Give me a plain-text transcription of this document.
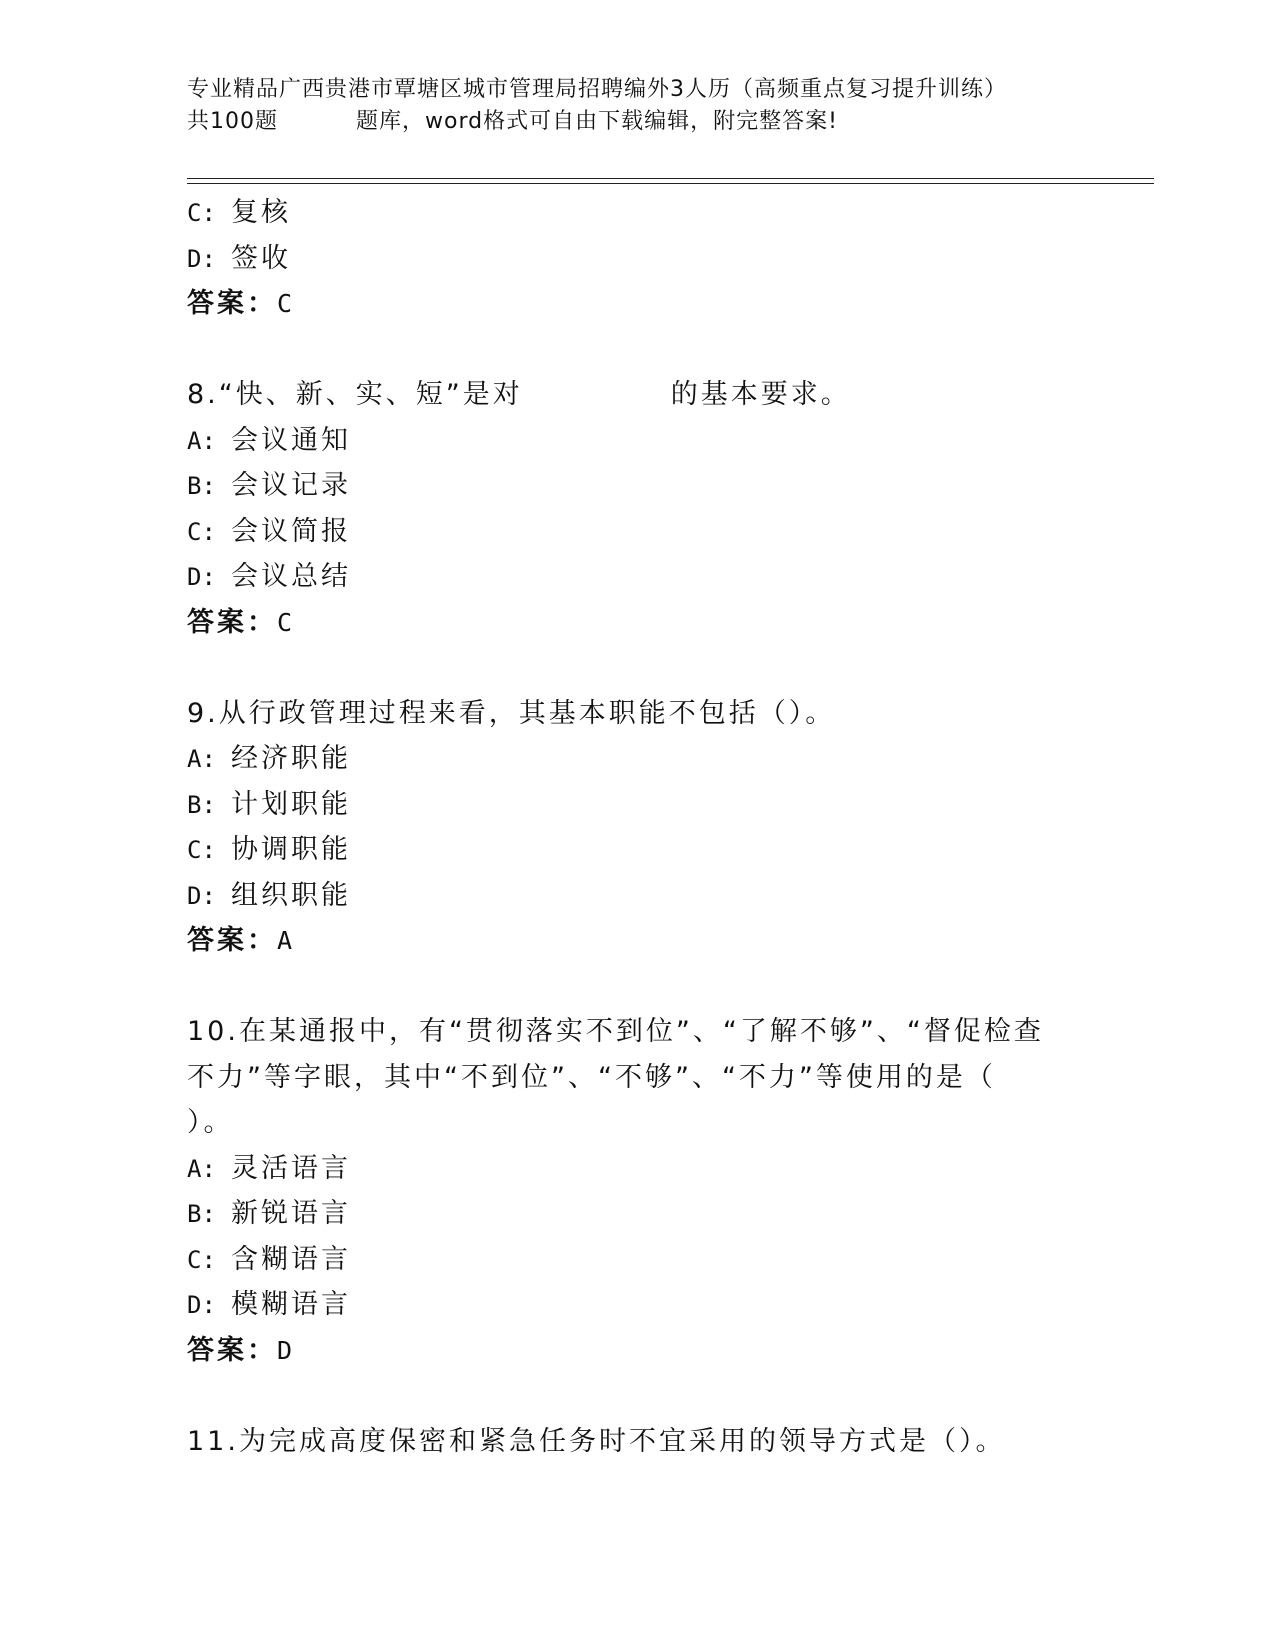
专业精品广西贵港市覃塘区城市管理局招聘编外3人历（高频重点复习提升训练）
共100题	题库，word格式可自由下载编辑，附完整答案!
C: 复核
D: 签收
答案：C
8.“快、新、实、短”是对	的基本要求。
A: 会议通知
B: 会议记录
C: 会议简报
D: 会议总结
答案：C
9.从行政管理过程来看，其基本职能不包括（）。
A: 经济职能
B: 计划职能
C: 协调职能
D: 组织职能
答案：A
10.在某通报中，有“贯彻落实不到位”、“了解不够”、“督促检查
不力”等字眼，其中“不到位”、“不够”、“不力”等使用的是（
）。
A: 灵活语言
B: 新锐语言
C: 含糊语言
D: 模糊语言
答案：D
11.为完成高度保密和紧急任务时不宜采用的领导方式是（）。
